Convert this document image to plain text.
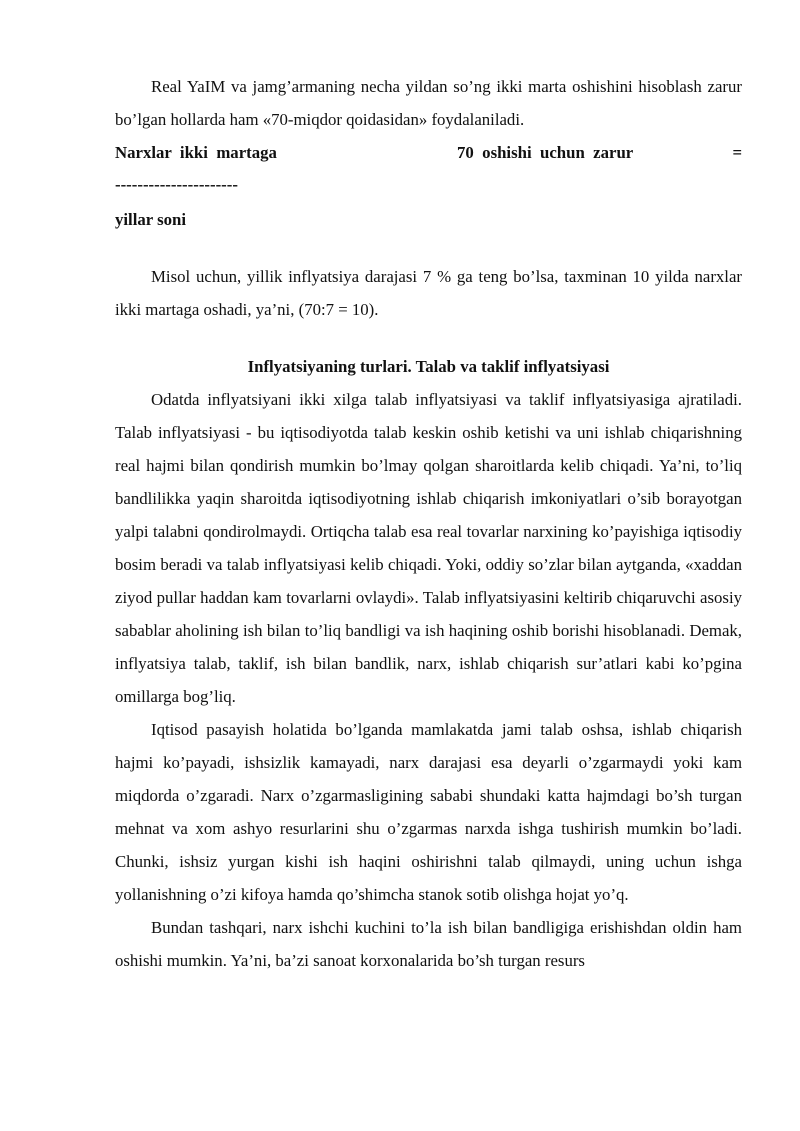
Real YaIM va jamg’armaning necha yildan so’ng ikki marta oshishini hisoblash zarur bo’lgan hollarda ham «70-miqdor qoidasidan» foydalaniladi.

Narxlar  ikki  martaga	70  oshishi  uchun  zarur	=
----------------------
yillar soni

Misol uchun, yillik inflyatsiya darajasi 7 % ga teng bo’lsa, taxminan 10 yilda narxlar ikki martaga oshadi, ya’ni, (70:7 = 10).

Inflyatsiyaning turlari. Talab va taklif inflyatsiyasi

Odatda inflyatsiyani ikki xilga talab inflyatsiyasi va taklif inflyatsiyasiga ajratiladi. Talab inflyatsiyasi - bu iqtisodiyotda talab keskin oshib ketishi va uni ishlab chiqarishning real hajmi bilan qondirish mumkin bo’lmay qolgan sharoitlarda kelib chiqadi. Ya’ni, to’liq bandlilikka yaqin sharoitda iqtisodiyotning ishlab chiqarish imkoniyatlari o’sib borayotgan yalpi talabni qondirolmaydi. Ortiqcha talab esa real tovarlar narxining ko’payishiga iqtisodiy bosim beradi va talab inflyatsiyasi kelib chiqadi. Yoki, oddiy so’zlar bilan aytganda, «xaddan ziyod pullar haddan kam tovarlarni ovlaydi». Talab inflyatsiyasini keltirib chiqaruvchi asosiy sabablar aholining ish bilan to’liq bandligi va ish haqining oshib borishi hisoblanadi. Demak, inflyatsiya talab, taklif, ish bilan bandlik, narx, ishlab chiqarish sur’atlari kabi ko’pgina omillarga bog’liq.

Iqtisod pasayish holatida bo’lganda mamlakatda jami talab oshsa, ishlab chiqarish hajmi ko’payadi, ishsizlik kamayadi, narx darajasi esa deyarli o’zgarmaydi yoki kam miqdorda o’zgaradi. Narx o’zgarmasligining sababi shundaki katta hajmdagi bo’sh turgan mehnat va xom ashyo resurlarini shu o’zgarmas narxda ishga tushirish mumkin bo’ladi. Chunki, ishsiz yurgan kishi ish haqini oshirishni talab qilmaydi, uning uchun ishga yollanishning o’zi kifoya hamda qo’shimcha stanok sotib olishga hojat yo’q.

Bundan tashqari, narx ishchi kuchini to’la ish bilan bandligiga erishishdan oldin ham oshishi mumkin. Ya’ni, ba’zi sanoat korxonalarida bo’sh turgan resurs
